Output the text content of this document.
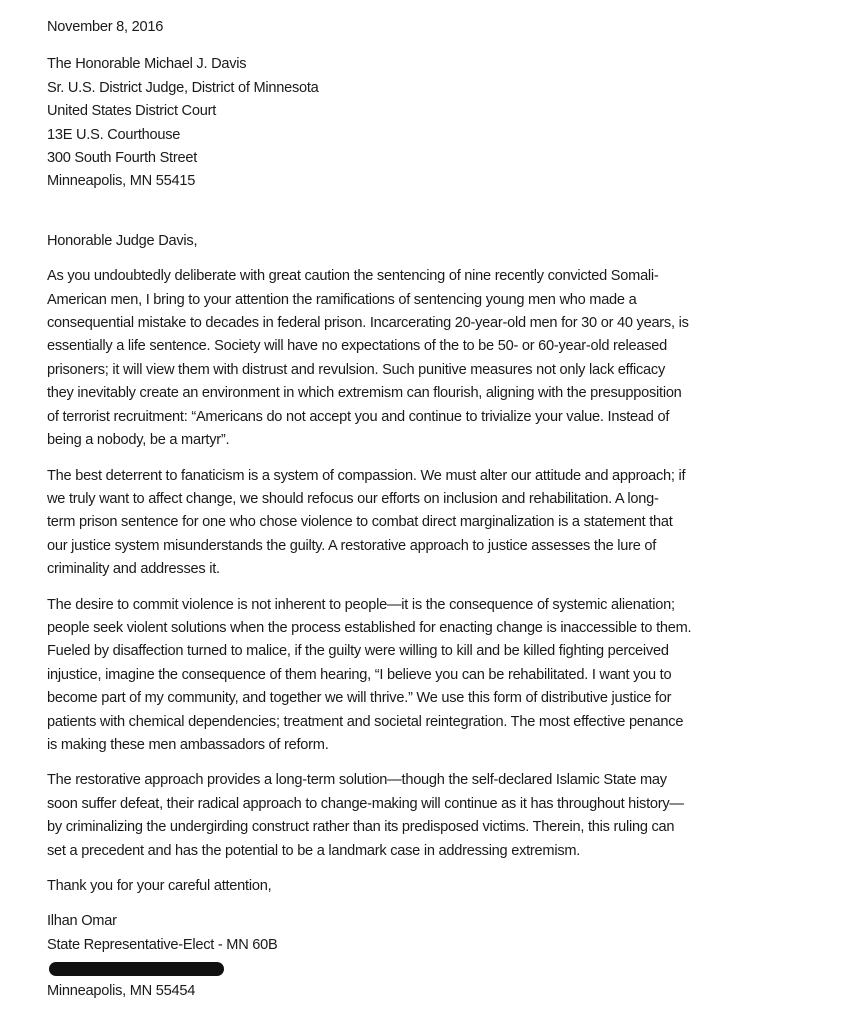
November 8, 2016
The Honorable Michael J. Davis
Sr. U.S. District Judge, District of Minnesota
United States District Court
13E U.S. Courthouse
300 South Fourth Street
Minneapolis, MN 55415
Honorable Judge Davis,
As you undoubtedly deliberate with great caution the sentencing of nine recently convicted Somali-
American men, I bring to your attention the ramifications of sentencing young men who made a
consequential mistake to decades in federal prison. Incarcerating 20-year-old men for 30 or 40 years, is
essentially a life sentence. Society will have no expectations of the to be 50- or 60-year-old released
prisoners; it will view them with distrust and revulsion. Such punitive measures not only lack efficacy
they inevitably create an environment in which extremism can flourish, aligning with the presupposition
of terrorist recruitment: “Americans do not accept you and continue to trivialize your value. Instead of
being a nobody, be a martyr”.
The best deterrent to fanaticism is a system of compassion. We must alter our attitude and approach; if
we truly want to affect change, we should refocus our efforts on inclusion and rehabilitation. A long-
term prison sentence for one who chose violence to combat direct marginalization is a statement that
our justice system misunderstands the guilty. A restorative approach to justice assesses the lure of
criminality and addresses it.
The desire to commit violence is not inherent to people—it is the consequence of systemic alienation;
people seek violent solutions when the process established for enacting change is inaccessible to them.
Fueled by disaffection turned to malice, if the guilty were willing to kill and be killed fighting perceived
injustice, imagine the consequence of them hearing, “I believe you can be rehabilitated. I want you to
become part of my community, and together we will thrive.” We use this form of distributive justice for
patients with chemical dependencies; treatment and societal reintegration. The most effective penance
is making these men ambassadors of reform.
The restorative approach provides a long-term solution—though the self-declared Islamic State may
soon suffer defeat, their radical approach to change-making will continue as it has throughout history—
by criminalizing the undergirding construct rather than its predisposed victims. Therein, this ruling can
set a precedent and has the potential to be a landmark case in addressing extremism.
Thank you for your careful attention,
Ilhan Omar
State Representative-Elect - MN 60B
Minneapolis, MN 55454
